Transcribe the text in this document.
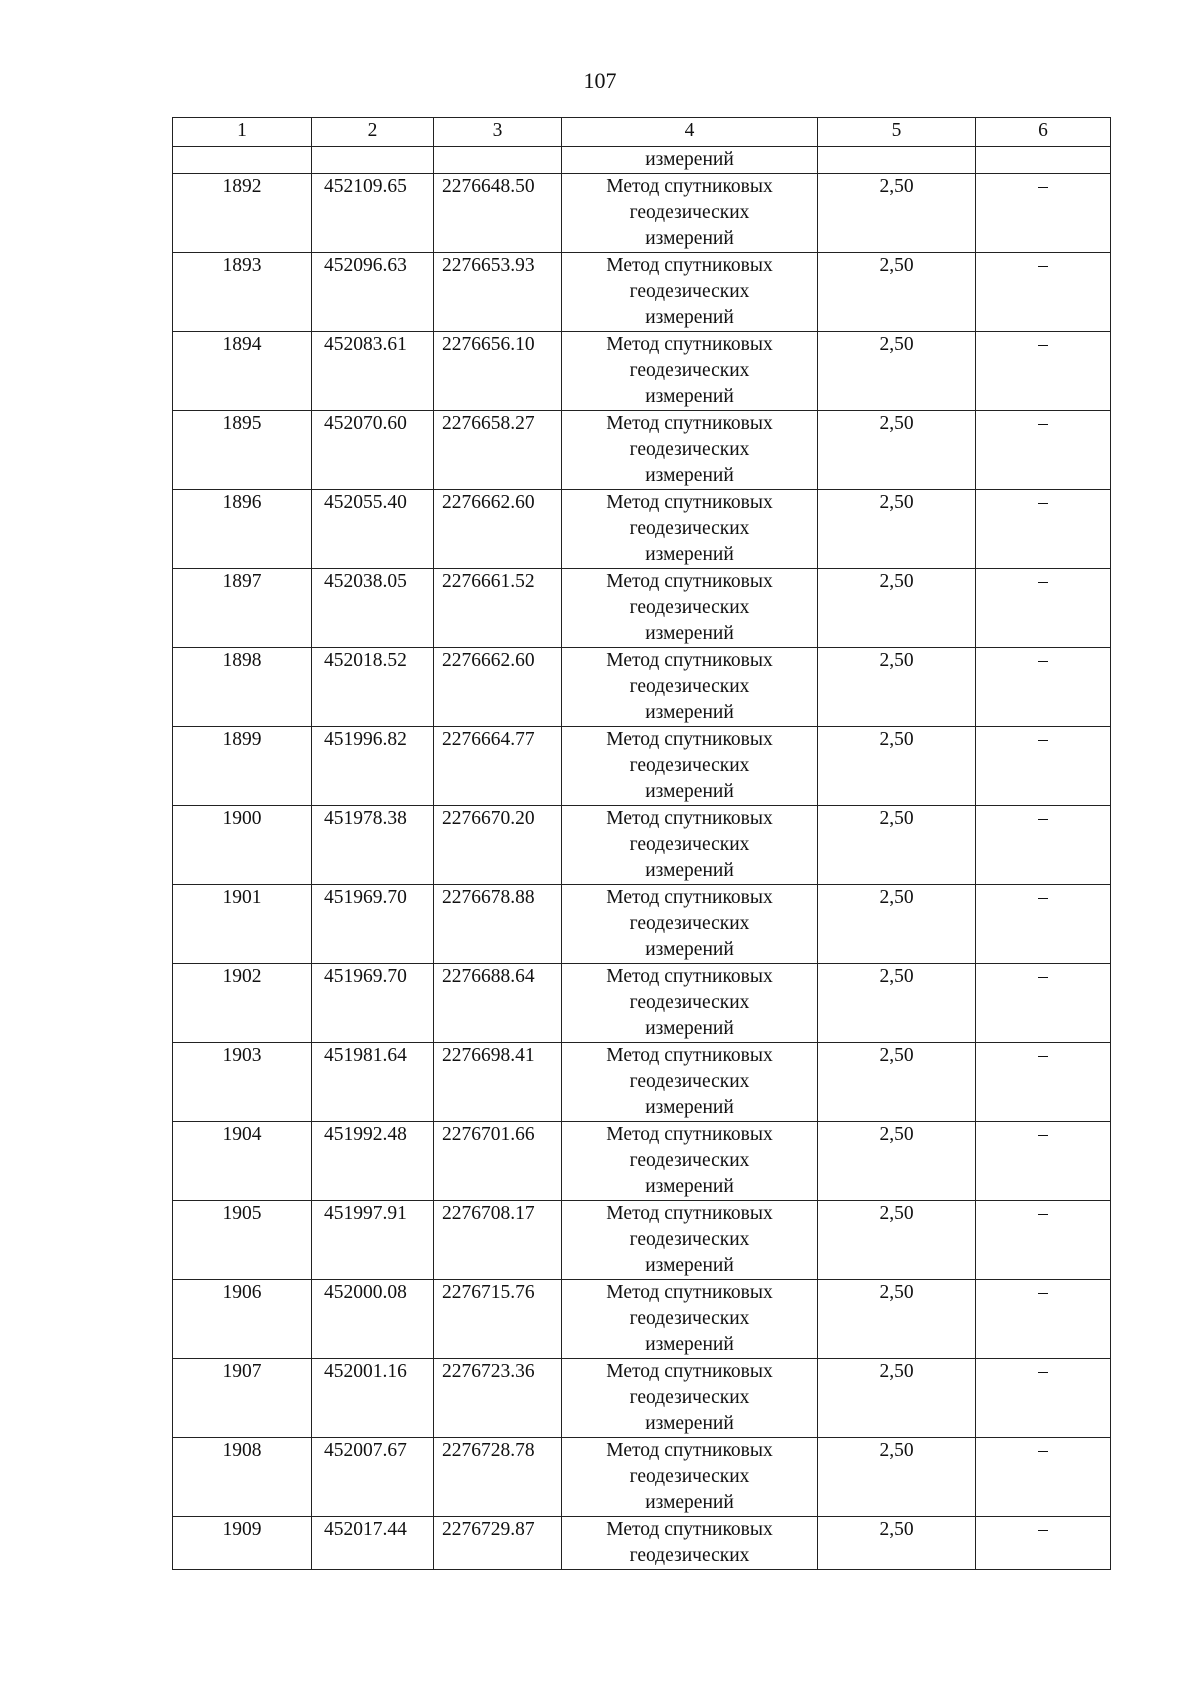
107
1	2	3	4	5	6
			измерений		
1892	452109.65	2276648.50	Метод спутниковых
геодезических
измерений	2,50	–
1893	452096.63	2276653.93	Метод спутниковых
геодезических
измерений	2,50	–
1894	452083.61	2276656.10	Метод спутниковых
геодезических
измерений	2,50	–
1895	452070.60	2276658.27	Метод спутниковых
геодезических
измерений	2,50	–
1896	452055.40	2276662.60	Метод спутниковых
геодезических
измерений	2,50	–
1897	452038.05	2276661.52	Метод спутниковых
геодезических
измерений	2,50	–
1898	452018.52	2276662.60	Метод спутниковых
геодезических
измерений	2,50	–
1899	451996.82	2276664.77	Метод спутниковых
геодезических
измерений	2,50	–
1900	451978.38	2276670.20	Метод спутниковых
геодезических
измерений	2,50	–
1901	451969.70	2276678.88	Метод спутниковых
геодезических
измерений	2,50	–
1902	451969.70	2276688.64	Метод спутниковых
геодезических
измерений	2,50	–
1903	451981.64	2276698.41	Метод спутниковых
геодезических
измерений	2,50	–
1904	451992.48	2276701.66	Метод спутниковых
геодезических
измерений	2,50	–
1905	451997.91	2276708.17	Метод спутниковых
геодезических
измерений	2,50	–
1906	452000.08	2276715.76	Метод спутниковых
геодезических
измерений	2,50	–
1907	452001.16	2276723.36	Метод спутниковых
геодезических
измерений	2,50	–
1908	452007.67	2276728.78	Метод спутниковых
геодезических
измерений	2,50	–
1909	452017.44	2276729.87	Метод спутниковых
геодезических	2,50	–
